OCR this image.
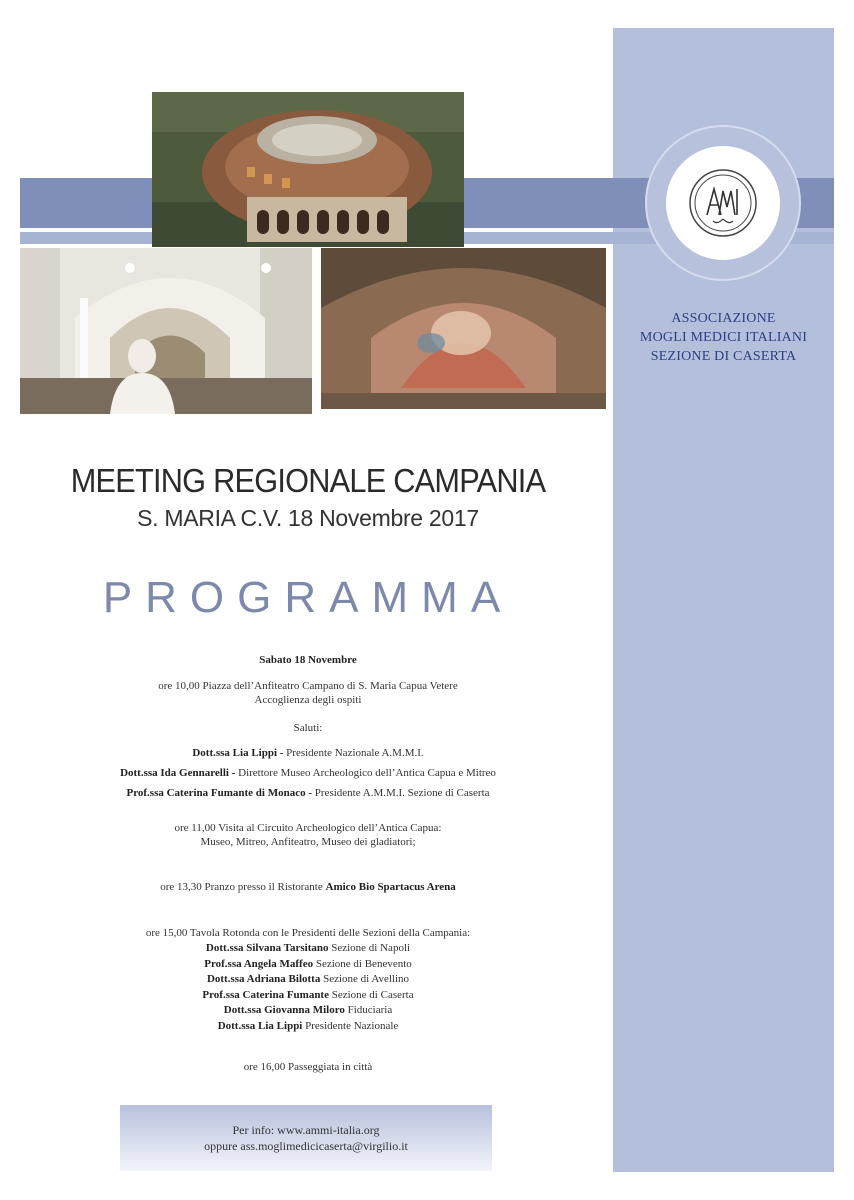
ASSOCIAZIONE
MOGLI MEDICI ITALIANI
SEZIONE DI CASERTA
MEETING REGIONALE CAMPANIA
S. MARIA C.V. 18 Novembre 2017
PROGRAMMA
Sabato 18 Novembre
ore 10,00 Piazza dell’Anfiteatro Campano di S. Maria Capua Vetere
Accoglienza degli ospiti
Saluti:
Dott.ssa Lia Lippi - Presidente Nazionale A.M.M.I.
Dott.ssa Ida Gennarelli - Direttore Museo Archeologico dell’Antica Capua e Mitreo
Prof.ssa Caterina Fumante di Monaco - Presidente A.M.M.I. Sezione di Caserta
ore 11,00 Visita al Circuito Archeologico dell’Antica Capua:
Museo, Mitreo, Anfiteatro, Museo dei gladiatori;
ore 13,30 Pranzo presso il Ristorante Amico Bio Spartacus Arena
ore 15,00 Tavola Rotonda con le Presidenti delle Sezioni della Campania:
Dott.ssa Silvana Tarsitano Sezione di Napoli
Prof.ssa Angela Maffeo Sezione di Benevento
Dott.ssa Adriana Bilotta Sezione di Avellino
Prof.ssa Caterina Fumante Sezione di Caserta
Dott.ssa Giovanna Miloro Fiduciaria
Dott.ssa Lia Lippi Presidente Nazionale
ore 16,00 Passeggiata in città
Per info: www.ammi-italia.org
oppure ass.moglimedicicaserta@virgilio.it
